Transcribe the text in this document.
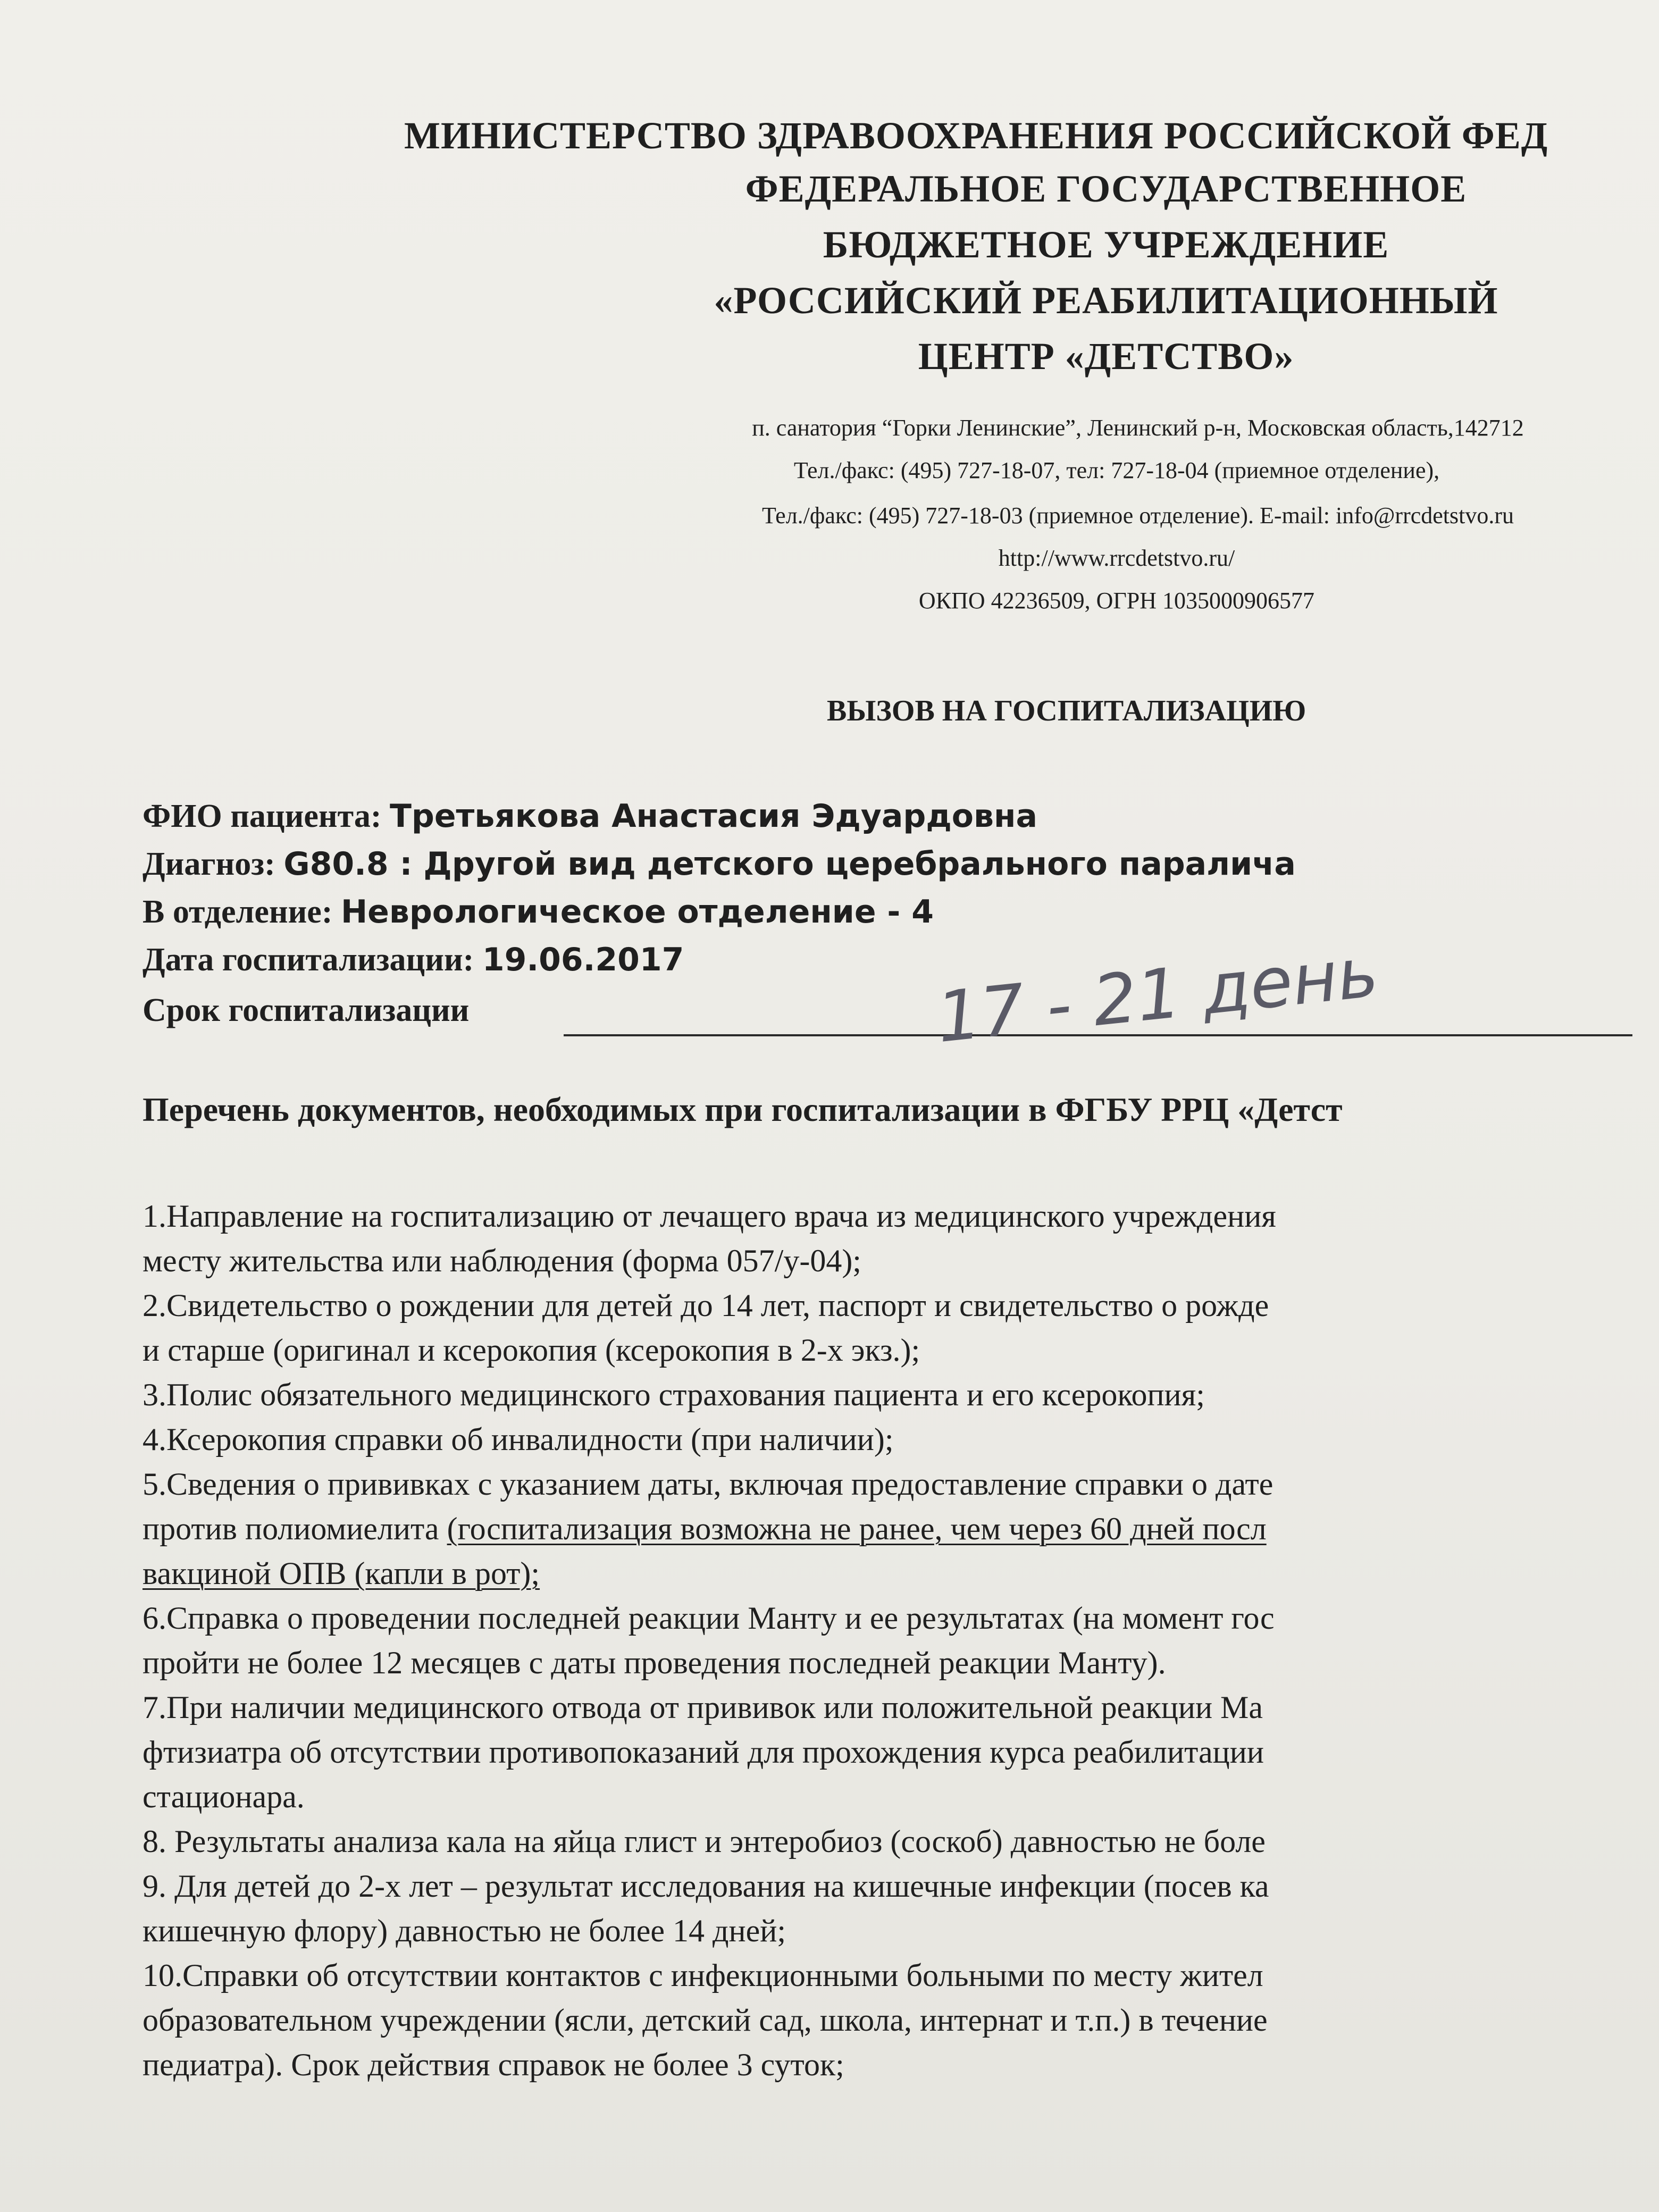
МИНИСТЕРСТВО ЗДРАВООХРАНЕНИЯ РОССИЙСКОЙ ФЕД
ФЕДЕРАЛЬНОЕ ГОСУДАРСТВЕННОЕ
БЮДЖЕТНОЕ УЧРЕЖДЕНИЕ
«РОССИЙСКИЙ РЕАБИЛИТАЦИОННЫЙ
ЦЕНТР «ДЕТСТВО»
п. санатория “Горки Ленинские”, Ленинский р-н, Московская область,142712
Тел./факс: (495) 727-18-07, тел: 727-18-04 (приемное отделение),
Тел./факс: (495) 727-18-03 (приемное отделение). E-mail: info@rrcdetstvo.ru
http://www.rrcdetstvo.ru/
ОКПО 42236509, ОГРН 1035000906577
ВЫЗОВ НА ГОСПИТАЛИЗАЦИЮ
ФИО пациента: Третьякова Анастасия Эдуардовна
Диагноз: G80.8 : Другой вид детского церебрального паралича
В отделение: Неврологическое отделение - 4
Дата госпитализации: 19.06.2017
Срок госпитализации	17 - 21 день
Перечень документов, необходимых при госпитализации в ФГБУ РРЦ «Детст
1.Направление на госпитализацию от лечащего врача из медицинского учреждения
месту жительства или наблюдения (форма 057/у-04);
2.Свидетельство о рождении для детей до 14 лет, паспорт и свидетельство о рожде
и старше (оригинал и ксерокопия (ксерокопия в 2-х экз.);
3.Полис обязательного медицинского страхования пациента и его ксерокопия;
4.Ксерокопия справки об инвалидности (при наличии);
5.Сведения о прививках с указанием даты, включая предоставление справки о дате
против полиомиелита (госпитализация возможна не ранее, чем через 60 дней посл
вакциной ОПВ (капли в рот);
6.Справка о проведении последней реакции Манту и ее результатах (на момент гос
пройти не более 12 месяцев с даты проведения последней реакции Манту).
7.При наличии медицинского отвода от прививок или положительной реакции Ма
фтизиатра об отсутствии противопоказаний для прохождения курса реабилитации
стационара.
8. Результаты анализа кала на яйца глист и энтеробиоз (соскоб) давностью не боле
9. Для детей до 2-х лет – результат исследования на кишечные инфекции (посев ка
кишечную флору) давностью не более 14 дней;
10.Справки об отсутствии контактов с инфекционными больными по месту жител
образовательном учреждении (ясли, детский сад, школа, интернат и т.п.) в течение
педиатра). Срок действия справок не более 3 суток;
